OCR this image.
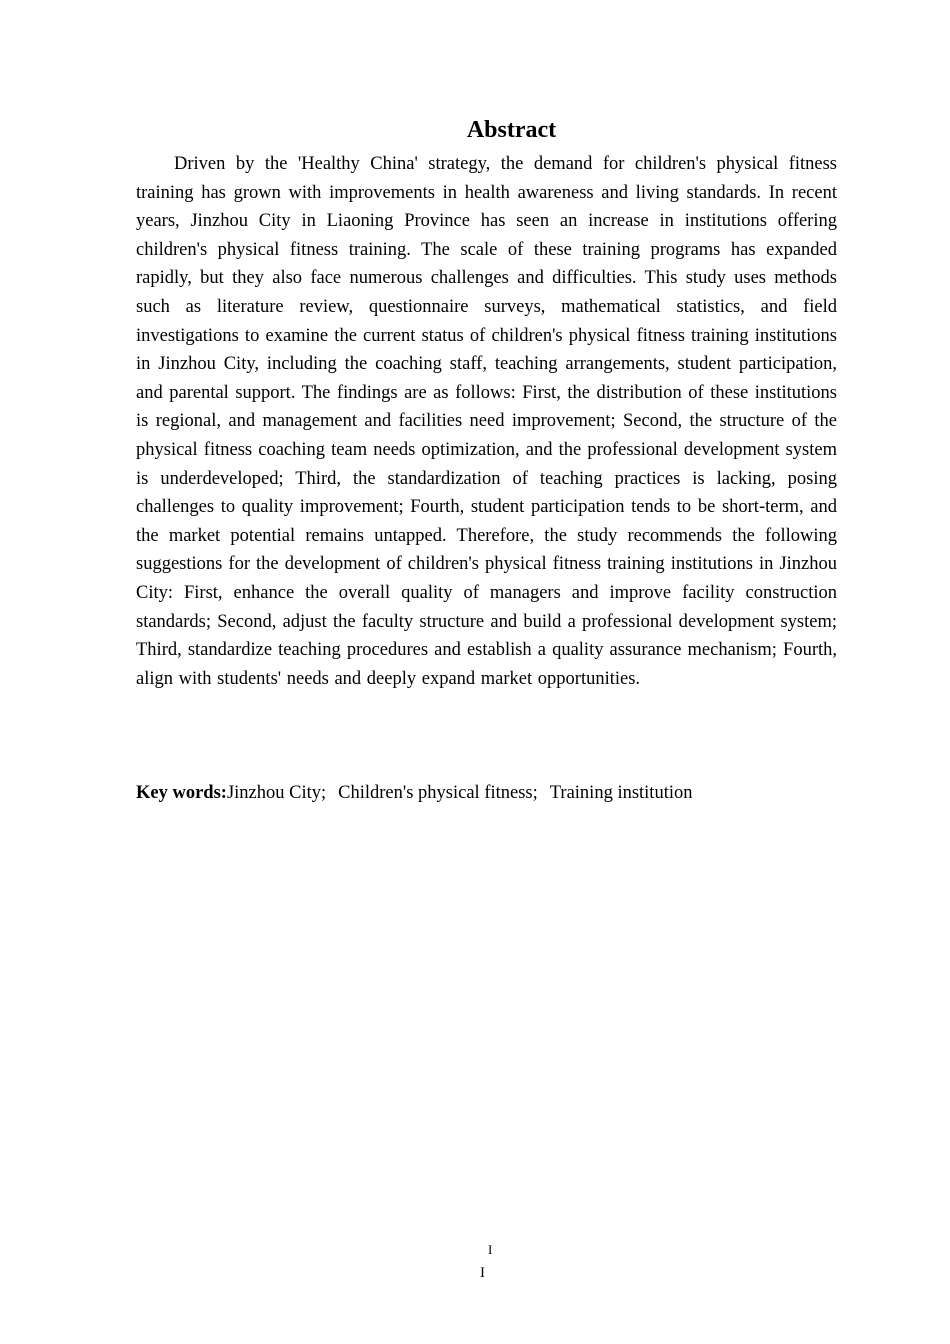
Abstract

Driven by the 'Healthy China' strategy, the demand for children's physical fitness training has grown with improvements in health awareness and living standards. In recent years, Jinzhou City in Liaoning Province has seen an increase in institutions offering children's physical fitness training. The scale of these training programs has expanded rapidly, but they also face numerous challenges and difficulties. This study uses methods such as literature review, questionnaire surveys, mathematical statistics, and field investigations to examine the current status of children's physical fitness training institutions in Jinzhou City, including the coaching staff, teaching arrangements, student participation, and parental support. The findings are as follows: First, the distribution of these institutions is regional, and management and facilities need improvement; Second, the structure of the physical fitness coaching team needs optimization, and the professional development system is underdeveloped; Third, the standardization of teaching practices is lacking, posing challenges to quality improvement; Fourth, student participation tends to be short-term, and the market potential remains untapped. Therefore, the study recommends the following suggestions for the development of children's physical fitness training institutions in Jinzhou City: First, enhance the overall quality of managers and improve facility construction standards; Second, adjust the faculty structure and build a professional development system; Third, standardize teaching procedures and establish a quality assurance mechanism; Fourth, align with students' needs and deeply expand market opportunities.

Key words:Jinzhou City; Children's physical fitness; Training institution
I
I
